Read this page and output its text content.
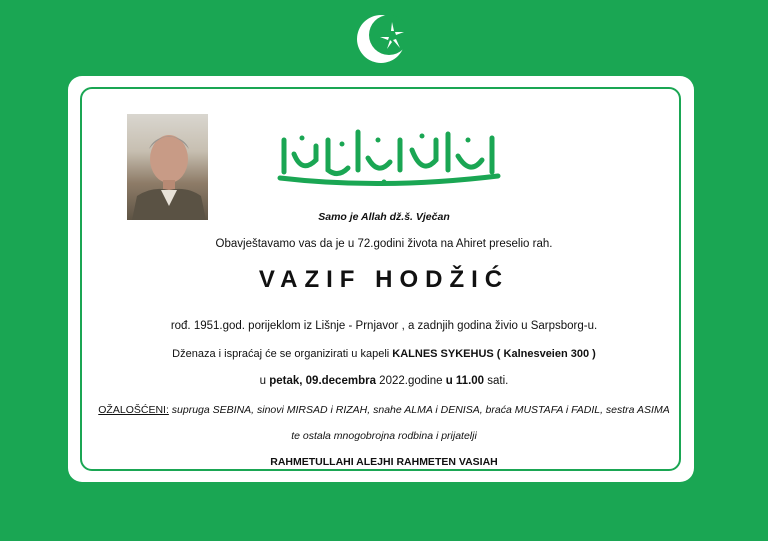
Samo je Allah dž.š. Vječan
Obavještavamo vas da je u 72.godini života na Ahiret preselio rah.
VAZIF HODŽIĆ
rođ. 1951.god. porijeklom iz Lišnje - Prnjavor , a zadnjih godina živio u Sarpsborg-u.
Dženaza i ispraćaj će se organizirati u kapeli KALNES SYKEHUS ( Kalnesveien 300 )
u petak, 09.decembra 2022.godine u 11.00 sati.
OŽALOŠĆENI: supruga SEBINA, sinovi MIRSAD i RIZAH, snahe ALMA i DENISA, braća MUSTAFA i FADIL, sestra ASIMA
te ostala mnogobrojna rodbina i prijatelji
RAHMETULLAHI ALEJHI RAHMETEN VASIAH
